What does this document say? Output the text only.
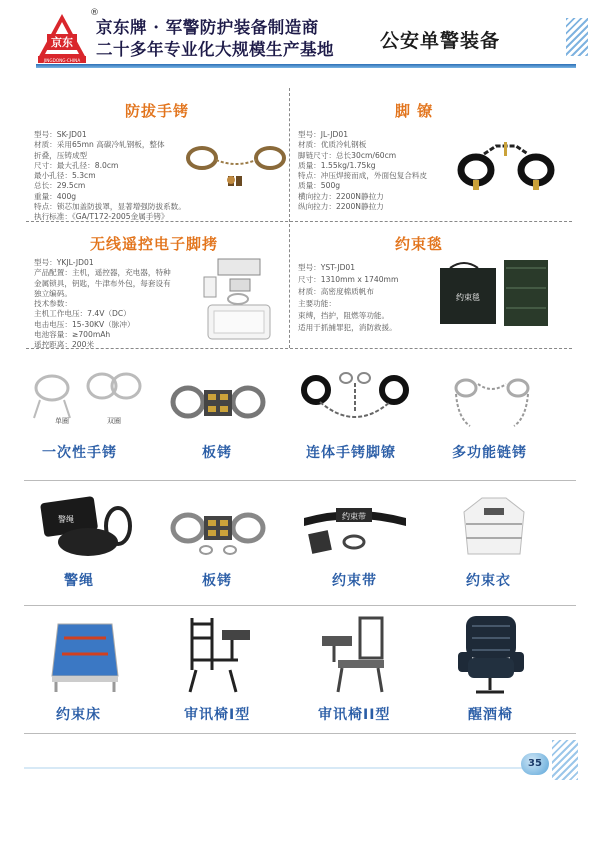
京东
JINGDONG·CHINA
®
京东牌 · 军警防护装备制造商
二十多年专业化大规模生产基地 公安单警装备
防拔手铐
型号：SK-JD01
材质：采用65mn 高碳冷轧钢板，整体
折叠，压铸成型
尺寸：最大孔径：8.0cm
最小孔径：5.3cm
总长：29.5cm
重量：400g
特点：锁芯加盖防拔罩，显著增强防拔系数。
执行标准：《GA/T172-2005金属手铐》
脚 镣
型号：JL-JD01
材质：优质冷轧钢板
脚链尺寸：总长30cm/60cm
质量：1.55kg/1.75kg
特点：冲压焊接而成，外面包复合料皮
质量：500g
横向拉力：2200N静拉力
纵向拉力：2200N静拉力
无线遥控电子脚拷
型号：YKJL-JD01
产品配置：主机，遥控器，充电器，特种
金属锁具，钥匙，牛津布外包，每套设有
独立编码。
技术参数：
主机工作电压：7.4V（DC）
电击电压：15-30KV（脉冲）
电池容量：≥700mAh
遥控距离：200米
约束毯
型号：YST-JD01
尺寸：1310mm x 1740mm
材质：高密度棉质帆布
主要功能：
束缚，挡护，阻燃等功能。
适用于抓捕罪犯，消防救援。
约束毯
单圈	双圈
一次性手铐	板铐	连体手铐脚镣	多功能链铐
警绳
警绳	板铐
约束带
约束带	约束衣
约束床	审讯椅I型	审讯椅II型	醒酒椅
35
